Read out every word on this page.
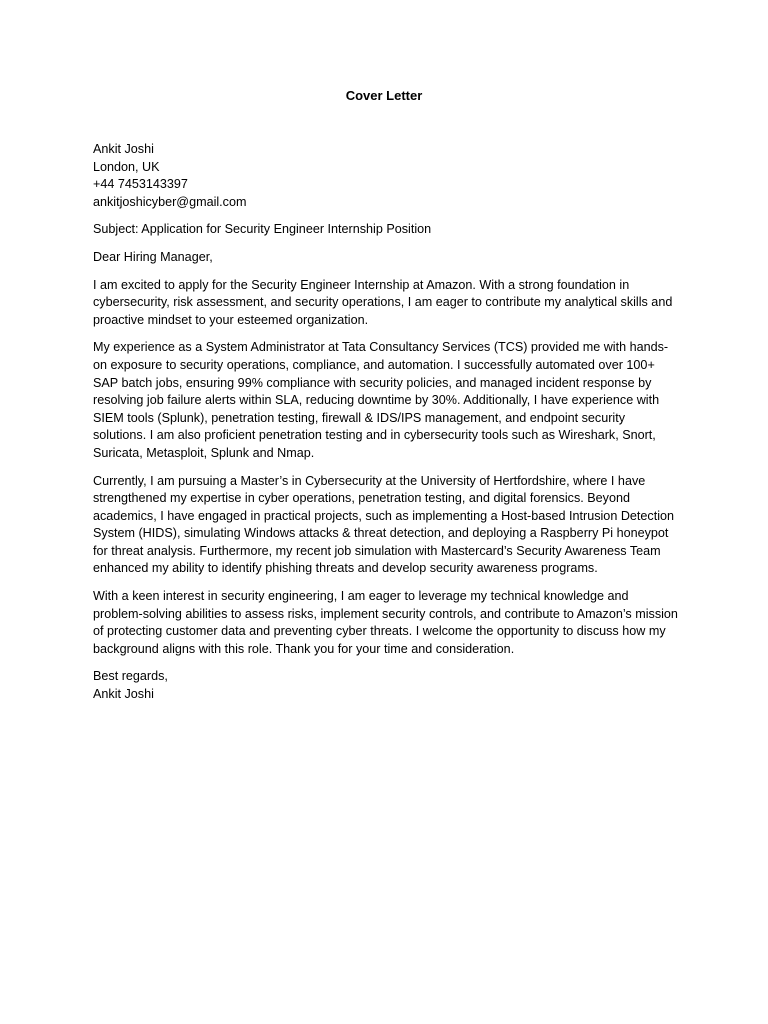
Cover Letter
Ankit Joshi
London, UK
+44 7453143397
ankitjoshicyber@gmail.com

Subject: Application for Security Engineer Internship Position

Dear Hiring Manager,

I am excited to apply for the Security Engineer Internship at Amazon. With a strong foundation in cybersecurity, risk assessment, and security operations, I am eager to contribute my analytical skills and proactive mindset to your esteemed organization.

My experience as a System Administrator at Tata Consultancy Services (TCS) provided me with hands-on exposure to security operations, compliance, and automation. I successfully automated over 100+ SAP batch jobs, ensuring 99% compliance with security policies, and managed incident response by resolving job failure alerts within SLA, reducing downtime by 30%. Additionally, I have experience with SIEM tools (Splunk), penetration testing, firewall & IDS/IPS management, and endpoint security solutions. I am also proficient penetration testing and in cybersecurity tools such as Wireshark, Snort, Suricata, Metasploit, Splunk and Nmap.

Currently, I am pursuing a Master’s in Cybersecurity at the University of Hertfordshire, where I have strengthened my expertise in cyber operations, penetration testing, and digital forensics. Beyond academics, I have engaged in practical projects, such as implementing a Host-based Intrusion Detection System (HIDS), simulating Windows attacks & threat detection, and deploying a Raspberry Pi honeypot for threat analysis. Furthermore, my recent job simulation with Mastercard’s Security Awareness Team enhanced my ability to identify phishing threats and develop security awareness programs.

With a keen interest in security engineering, I am eager to leverage my technical knowledge and problem-solving abilities to assess risks, implement security controls, and contribute to Amazon’s mission of protecting customer data and preventing cyber threats. I welcome the opportunity to discuss how my background aligns with this role. Thank you for your time and consideration.

Best regards,
Ankit Joshi
